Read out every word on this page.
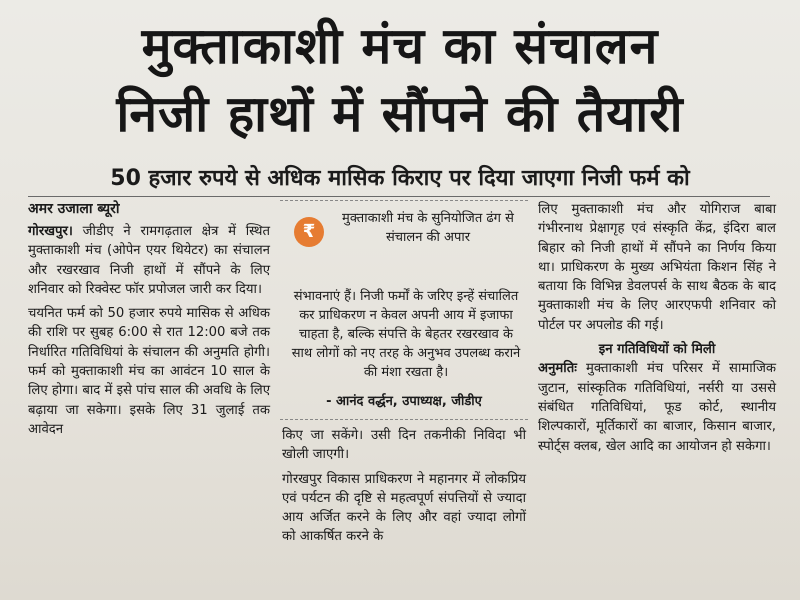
मुक्ताकाशी मंच का संचालन
निजी हाथों में सौंपने की तैयारी
50 हजार रुपये से अधिक मासिक किराए पर दिया जाएगा निजी फर्म को
अमर उजाला ब्यूरो

गोरखपुर। जीडीए ने रामगढ़ताल क्षेत्र में स्थित मुक्ताकाशी मंच (ओपेन एयर थियेटर) का संचालन और रखरखाव निजी हाथों में सौंपने के लिए शनिवार को रिक्वेस्ट फॉर प्रपोजल जारी कर दिया।

चयनित फर्म को 50 हजार रुपये मासिक से अधिक की राशि पर सुबह 6:00 से रात 12:00 बजे तक निर्धारित गतिविधियां के संचालन की अनुमति होगी। फर्म को मुक्ताकाशी मंच का आवंटन 10 साल के लिए होगा। बाद में इसे पांच साल की अवधि के लिए बढ़ाया जा सकेगा। इसके लिए 31 जुलाई तक आवेदन

₹
मुक्ताकाशी मंच के सुनियोजित ढंग से संचालन की अपार
संभावनाएं हैं। निजी फर्मों के जरिए इन्हें संचालित कर प्राधिकरण न केवल अपनी आय में इजाफा चाहता है, बल्कि संपत्ति के बेहतर रखरखाव के साथ लोगों को नए तरह के अनुभव उपलब्ध कराने की मंशा रखता है।
- आनंद वर्द्धन, उपाध्यक्ष, जीडीए

किए जा सकेंगे। उसी दिन तकनीकी निविदा भी खोली जाएगी।

गोरखपुर विकास प्राधिकरण ने महानगर में लोकप्रिय एवं पर्यटन की दृष्टि से महत्वपूर्ण संपत्तियों से ज्यादा आय अर्जित करने के लिए और वहां ज्यादा लोगों को आकर्षित करने के

लिए मुक्ताकाशी मंच और योगिराज बाबा गंभीरनाथ प्रेक्षागृह एवं संस्कृति केंद्र, इंदिरा बाल बिहार को निजी हाथों में सौंपने का निर्णय किया था। प्राधिकरण के मुख्य अभियंता किशन सिंह ने बताया कि विभिन्न डेवलपर्स के साथ बैठक के बाद मुक्ताकाशी मंच के लिए आरएफपी शनिवार को पोर्टल पर अपलोड की गई।

इन गतिविधियों को मिली

अनुमतिः मुक्ताकाशी मंच परिसर में सामाजिक जुटान, सांस्कृतिक गतिविधियां, नर्सरी या उससे संबंधित गतिविधियां, फूड कोर्ट, स्थानीय शिल्पकारों, मूर्तिकारों का बाजार, किसान बाजार, स्पोर्ट्स क्लब, खेल आदि का आयोजन हो सकेगा।
